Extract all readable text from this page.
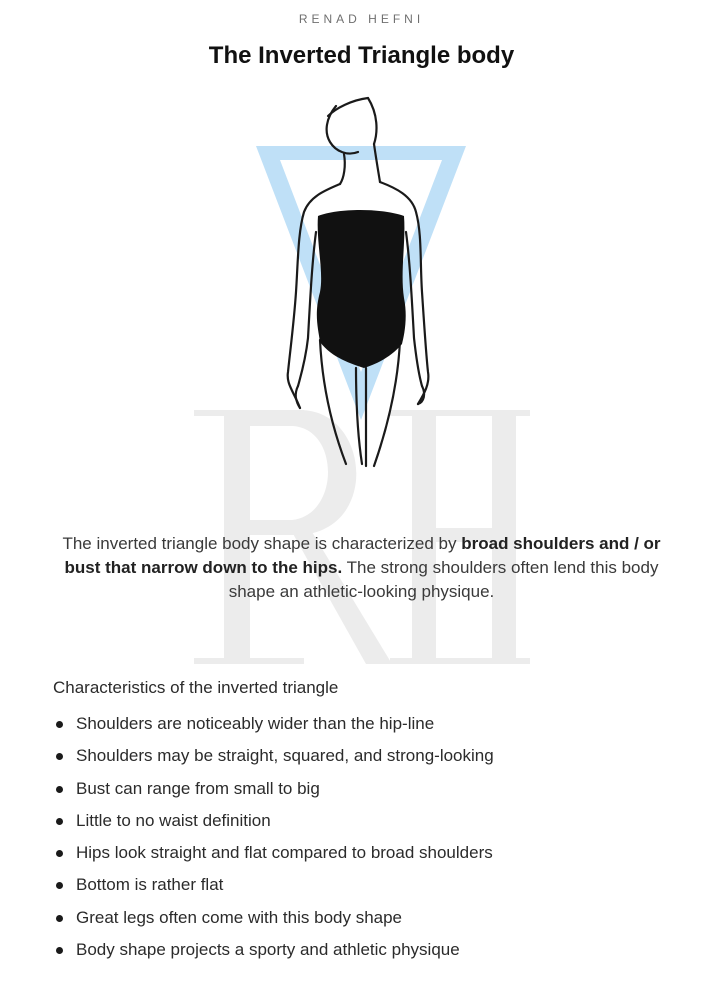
RENAD HEFNI
The Inverted Triangle body

The inverted triangle body shape is characterized by broad shoulders and / or bust that narrow down to the hips. The strong shoulders often lend this body shape an athletic-looking physique.

Characteristics of the inverted triangle

Shoulders are noticeably wider than the hip-line
Shoulders may be straight, squared, and strong-looking
Bust can range from small to big
Little to no waist definition
Hips look straight and flat compared to broad shoulders
Bottom is rather flat
Great legs often come with this body shape
Body shape projects a sporty and athletic physique
